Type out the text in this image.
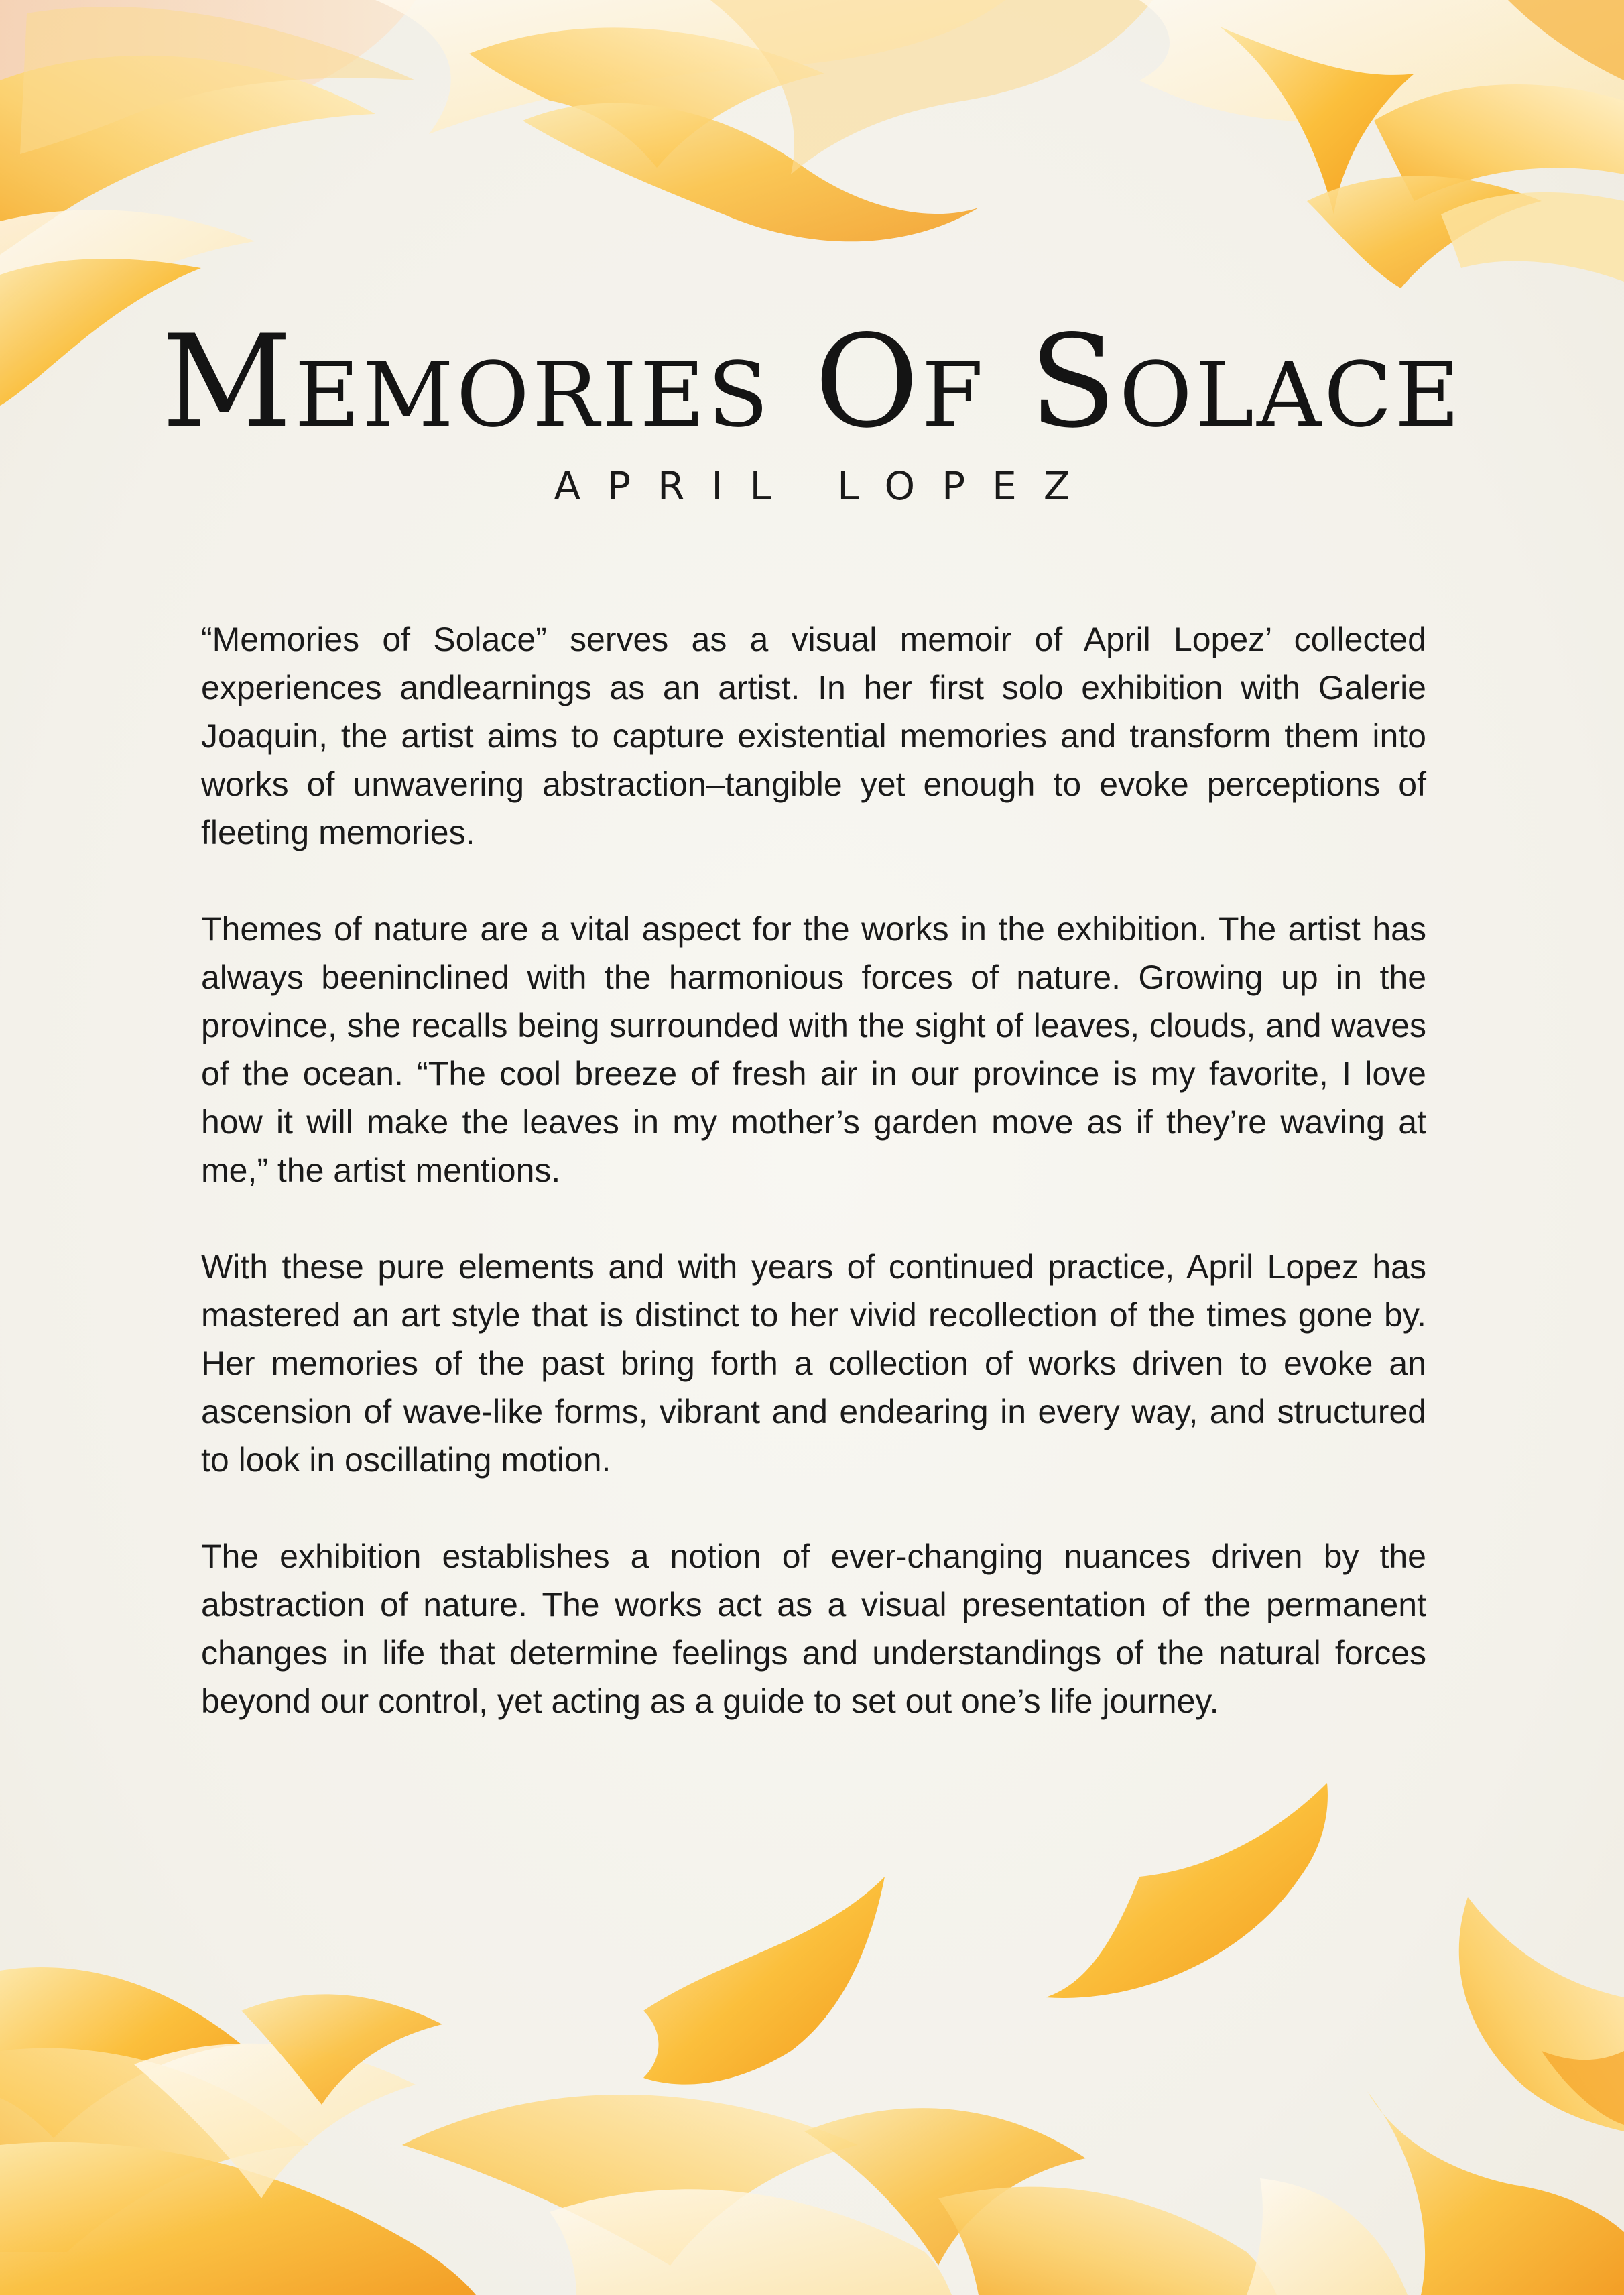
Memories Of Solace
APRIL LOPEZ

“Memories of Solace” serves as a visual memoir of April Lopez’ collected experiences andlearnings as an artist. In her first solo exhibition with Galerie Joaquin, the artist aims to capture existential memories and transform them into works of unwavering abstraction–tangible yet enough to evoke perceptions of fleeting memories.

Themes of nature are a vital aspect for the works in the exhibition. The artist has always beeninclined with the harmonious forces of nature. Growing up in the province, she recalls being surrounded with the sight of leaves, clouds, and waves of the ocean. “The cool breeze of fresh air in our province is my favorite, I love how it will make the leaves in my mother’s garden move as if they’re waving at me,” the artist mentions.

With these pure elements and with years of continued practice, April Lopez has mastered an art style that is distinct to her vivid recollection of the times gone by. Her memories of the past bring forth a collection of works driven to evoke an ascension of wave-like forms, vibrant and endearing in every way, and structured to look in oscillating motion.

The exhibition establishes a notion of ever-changing nuances driven by the abstraction of nature. The works act as a visual presentation of the permanent changes in life that determine feelings and understandings of the natural forces beyond our control, yet acting as a guide to set out one’s life journey.
